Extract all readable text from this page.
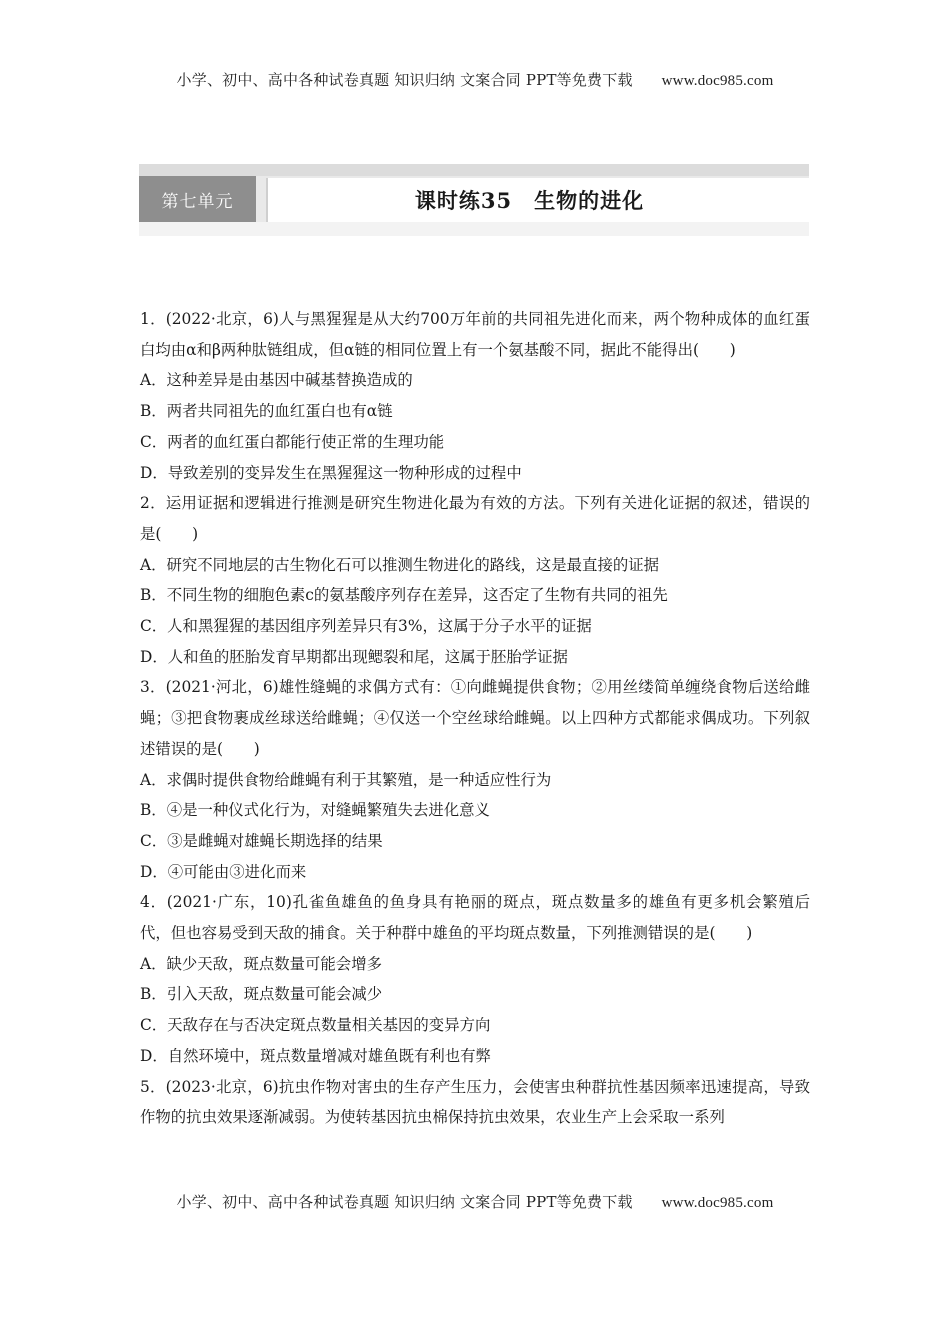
小学、初中、高中各种试卷真题 知识归纳 文案合同 PPT等免费下载 www.doc985.com
第七单元	课时练35　生物的进化

1．(2022·北京，6)人与黑猩猩是从大约700万年前的共同祖先进化而来，两个物种成体的血红蛋白均由α和β两种肽链组成，但α链的相同位置上有一个氨基酸不同，据此不能得出(　　)

A．这种差异是由基因中碱基替换造成的

B．两者共同祖先的血红蛋白也有α链

C．两者的血红蛋白都能行使正常的生理功能

D．导致差别的变异发生在黑猩猩这一物种形成的过程中

2．运用证据和逻辑进行推测是研究生物进化最为有效的方法。下列有关进化证据的叙述，错误的是(　　)

A．研究不同地层的古生物化石可以推测生物进化的路线，这是最直接的证据

B．不同生物的细胞色素c的氨基酸序列存在差异，这否定了生物有共同的祖先

C．人和黑猩猩的基因组序列差异只有3%，这属于分子水平的证据

D．人和鱼的胚胎发育早期都出现鳃裂和尾，这属于胚胎学证据

3．(2021·河北，6)雄性缝蝇的求偶方式有：①向雌蝇提供食物；②用丝缕简单缠绕食物后送给雌蝇；③把食物裹成丝球送给雌蝇；④仅送一个空丝球给雌蝇。以上四种方式都能求偶成功。下列叙述错误的是(　　)

A．求偶时提供食物给雌蝇有利于其繁殖，是一种适应性行为

B．④是一种仪式化行为，对缝蝇繁殖失去进化意义

C．③是雌蝇对雄蝇长期选择的结果

D．④可能由③进化而来

4．(2021·广东，10)孔雀鱼雄鱼的鱼身具有艳丽的斑点，斑点数量多的雄鱼有更多机会繁殖后代，但也容易受到天敌的捕食。关于种群中雄鱼的平均斑点数量，下列推测错误的是(　　)

A．缺少天敌，斑点数量可能会增多

B．引入天敌，斑点数量可能会减少

C．天敌存在与否决定斑点数量相关基因的变异方向

D．自然环境中，斑点数量增减对雄鱼既有利也有弊

5．(2023·北京，6)抗虫作物对害虫的生存产生压力，会使害虫种群抗性基因频率迅速提高，导致作物的抗虫效果逐渐减弱。为使转基因抗虫棉保持抗虫效果，农业生产上会采取一系列

小学、初中、高中各种试卷真题 知识归纳 文案合同 PPT等免费下载 www.doc985.com
